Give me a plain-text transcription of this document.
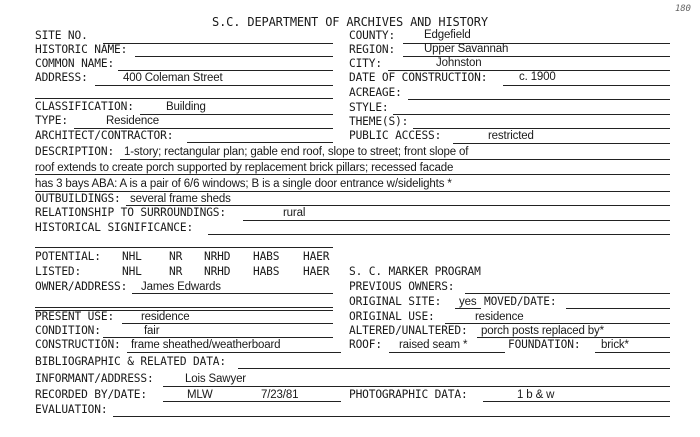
S.C. DEPARTMENT OF ARCHIVES AND HISTORY
180
SITE NO.
HISTORIC NAME:
COMMON NAME:
ADDRESS:	400 Coleman Street
CLASSIFICATION:	Building
TYPE:	Residence
ARCHITECT/CONTRACTOR:
COUNTY:	Edgefield
REGION:	Upper Savannah
CITY:	Johnston
DATE OF CONSTRUCTION:	c. 1900
ACREAGE:
STYLE:
THEME(S):
PUBLIC ACCESS:	restricted
DESCRIPTION: 1-story; rectangular plan; gable end roof, slope to street; front slope of
roof extends to create porch supported by replacement brick pillars; recessed facade
has 3 bays ABA: A is a pair of 6/6 windows; B is a single door entrance w/sidelights *
OUTBUILDINGS: several frame sheds
RELATIONSHIP TO SURROUNDINGS:	rural
HISTORICAL SIGNIFICANCE:
POTENTIAL: NHL NR NRHD HABS HAER
LISTED:	NHL NR NRHD HABS HAER S. C. MARKER PROGRAM
OWNER/ADDRESS: James Edwards	PREVIOUS OWNERS:
ORIGINAL SITE: yes MOVED/DATE:
PRESENT USE: residence	ORIGINAL USE:	residence
CONDITION:	fair	ALTERED/UNALTERED: porch posts replaced by*
CONSTRUCTION: frame sheathed/weatherboard	ROOF: raised seam *	FOUNDATION: brick*
BIBLIOGRAPHIC & RELATED DATA:
INFORMANT/ADDRESS:	Lois Sawyer
RECORDED BY/DATE:	MLW	7/23/81	PHOTOGRAPHIC DATA:	1 b & w
EVALUATION:
